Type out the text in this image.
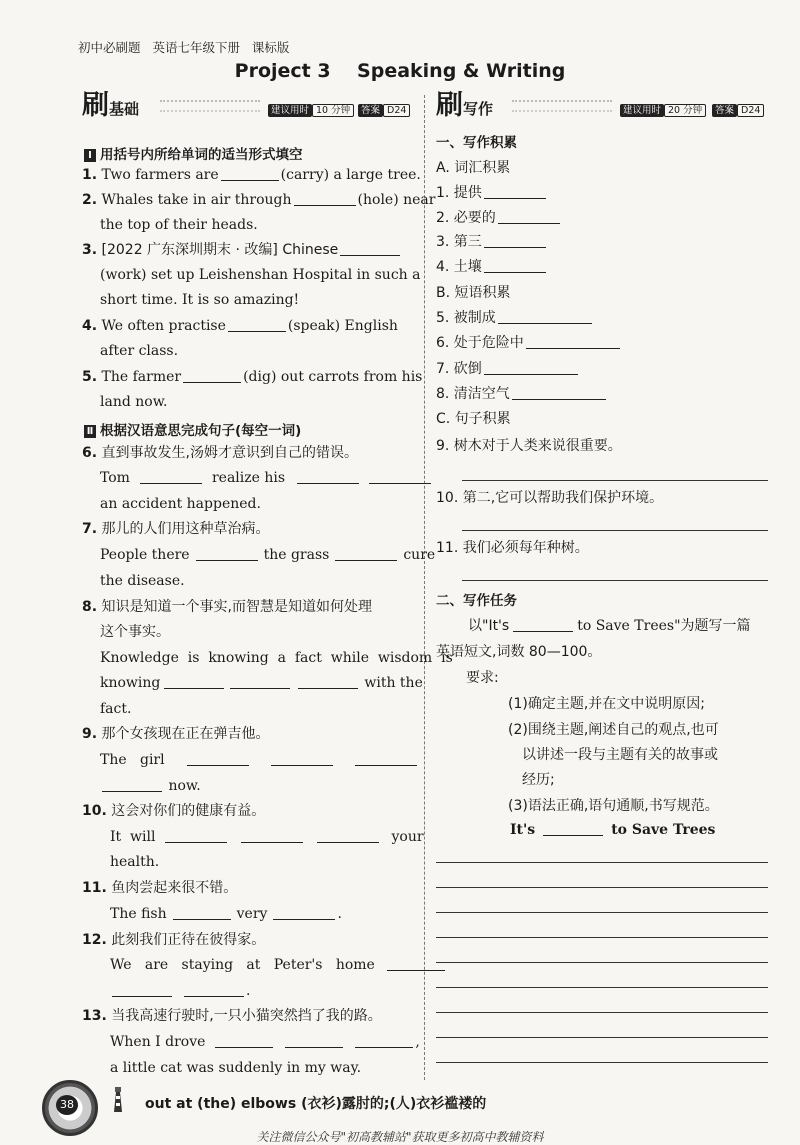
初中必刷题 英语七年级下册 课标版
Project 3    Speaking & Writing
刷基础	建议用时 10 分钟	答案 D24
Ⅰ 用括号内所给单词的适当形式填空
1. Two farmers are	(carry) a large tree.
2. Whales take in air through	(hole) near
the top of their heads.
3. [2022 广东深圳期末 · 改编] Chinese
(work) set up Leishenshan Hospital in such a
short time. It is so amazing!
4. We often practise	(speak) English
after class.
5. The farmer	(dig) out carrots from his
land now.
Ⅱ 根据汉语意思完成句子(每空一词)
6. 直到事故发生,汤姆才意识到自己的错误。
Tom	realize his
an accident happened.
7. 那儿的人们用这种草治病。
People there	the grass	cure
the disease.
8. 知识是知道一个事实,而智慧是知道如何处理
这个事实。
Knowledge  is  knowing  a  fact  while  wisdom  is
knowing	with the
fact.
9. 那个女孩现在正在弹吉他。
The   girl
now.
10. 这会对你们的健康有益。
It  will	your
health.
11. 鱼肉尝起来很不错。
The fish	very	.
12. 此刻我们正待在彼得家。
We   are   staying   at   Peter's   home
.
13. 当我高速行驶时,一只小猫突然挡了我的路。
When I drove	,
a little cat was suddenly in my way.
刷写作	建议用时 20 分钟	答案 D24
一、写作积累
A. 词汇积累
1. 提供
2. 必要的
3. 第三
4. 土壤
B. 短语积累
5. 被制成
6. 处于危险中
7. 砍倒
8. 清洁空气
C. 句子积累
9. 树木对于人类来说很重要。
10. 第二,它可以帮助我们保护环境。
11. 我们必须每年种树。
二、写作任务
以"It's	to Save Trees"为题写一篇
英语短文,词数 80—100。
要求:
(1)确定主题,并在文中说明原因;
(2)围绕主题,阐述自己的观点,也可
以讲述一段与主题有关的故事或
经历;
(3)语法正确,语句通顺,书写规范。
It's	to Save Trees
38	out at (the) elbows (衣衫)露肘的;(人)衣衫褴褛的
关注微信公众号"初高教辅站"获取更多初高中教辅资料
